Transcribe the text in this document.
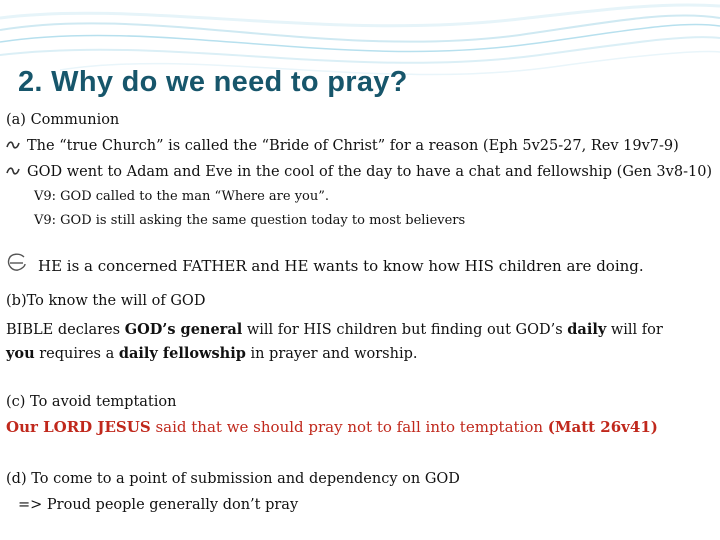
2. Why do we need to pray?
(a) Communion
The “true Church” is called the “Bride of Christ” for a reason (Eph 5v25-27, Rev 19v7-9)
GOD went to Adam and Eve in the cool of the day to have a chat and fellowship (Gen 3v8-10)
V9: GOD called to the man “Where are you”.
V9: GOD is still asking the same question today to most believers
HE is a concerned FATHER and HE wants to know how HIS children are doing.
(b)To know the will of GOD
BIBLE declares GOD’s general will for HIS children but finding out GOD’s daily will for
you requires a daily fellowship in prayer and worship.
(c) To avoid temptation
Our LORD JESUS said that we should pray not to fall into temptation (Matt 26v41)
(d) To come to a point of submission and dependency on GOD
=> Proud people generally don’t pray
